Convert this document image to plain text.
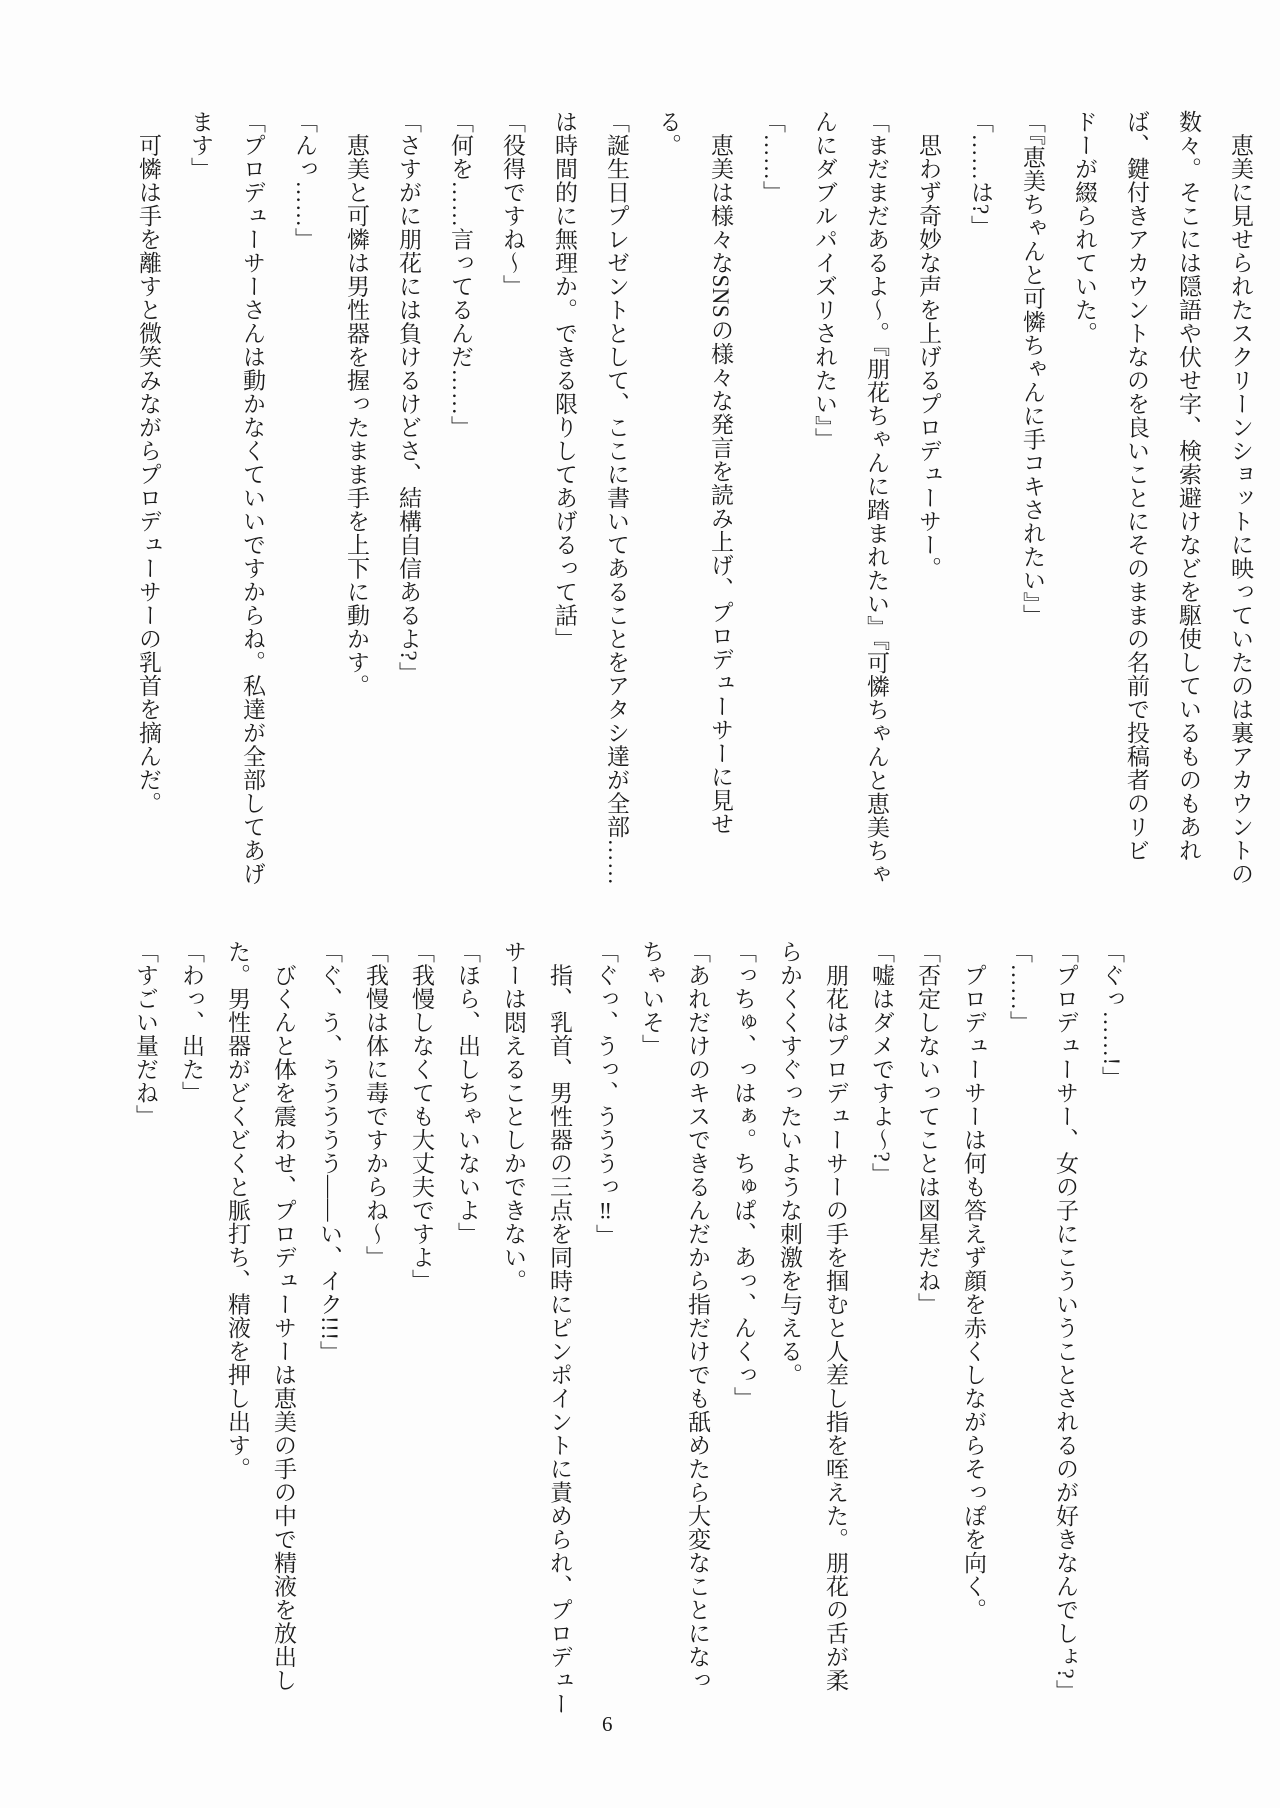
　恵美に見せられたスクリーンショットに映っていたのは裏アカウントの
数々。そこには隠語や伏せ字、検索避けなどを駆使しているものもあれ
ば、鍵付きアカウントなのを良いことにそのままの名前で投稿者のリビ
ドーが綴られていた。
「『恵美ちゃんと可憐ちゃんに手コキされたい』」
「……は?」
　思わず奇妙な声を上げるプロデューサー。
「まだまだあるよ〜。『朋花ちゃんに踏まれたい』『可憐ちゃんと恵美ちゃ
んにダブルパイズリされたい』」
「……」
　恵美は様々なSNSの様々な発言を読み上げ、プロデューサーに見せ
る。
「誕生日プレゼントとして、ここに書いてあることをアタシ達が全部……
は時間的に無理か。できる限りしてあげるって話」
「役得ですね〜」
「何を……言ってるんだ……」
「さすがに朋花には負けるけどさ、結構自信あるよ?」
　恵美と可憐は男性器を握ったまま手を上下に動かす。
「んっ……」
「プロデューサーさんは動かなくていいですからね。私達が全部してあげ
ます」
　可憐は手を離すと微笑みながらプロデューサーの乳首を摘んだ。
「ぐっ……!」
「プロデューサー、女の子にこういうことされるのが好きなんでしょ?」
「……」
　プロデューサーは何も答えず顔を赤くしながらそっぽを向く。
「否定しないってことは図星だね」
「嘘はダメですよ〜?」
　朋花はプロデューサーの手を掴むと人差し指を咥えた。朋花の舌が柔
らかくくすぐったいような刺激を与える。
「っちゅ、っはぁ。ちゅぱ、あっ、んくっ」
「あれだけのキスできるんだから指だけでも舐めたら大変なことになっ
ちゃいそ」
「ぐっ、うっ、うううっ‼」
　指、乳首、男性器の三点を同時にピンポイントに責められ、プロデュー
サーは悶えることしかできない。
「ほら、出しちゃいないよ」
「我慢しなくても大丈夫ですよ」
「我慢は体に毒ですからね〜」
「ぐ、う、ううううう――い、イク!!!」
　びくんと体を震わせ、プロデューサーは恵美の手の中で精液を放出し
た。男性器がどくどくと脈打ち、精液を押し出す。
「わっ、出た」
「すごい量だね」
6
